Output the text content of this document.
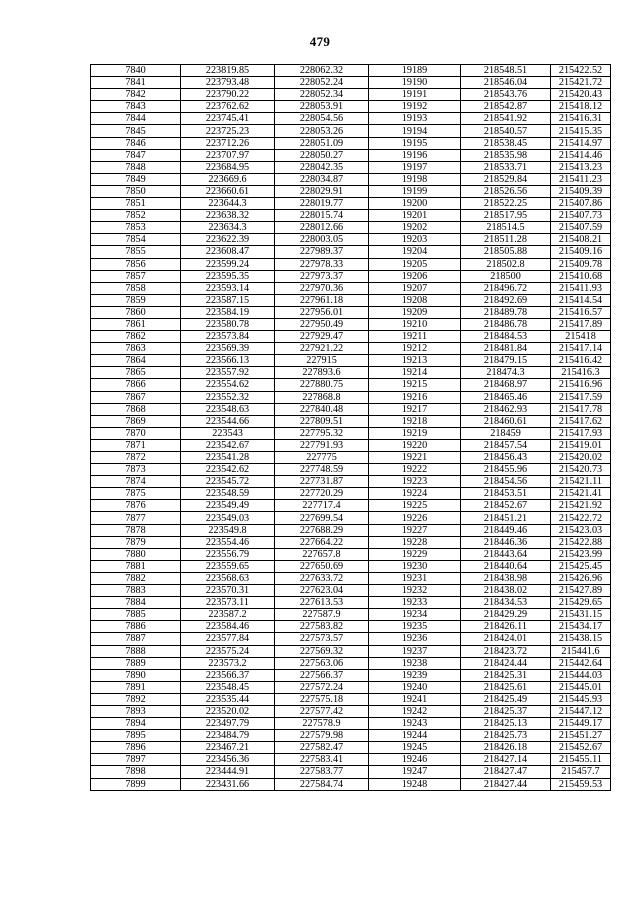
479
7840	223819.85	228062.32	19189	218548.51	215422.52
7841	223793.48	228052.24	19190	218546.04	215421.72
7842	223790.22	228052.34	19191	218543.76	215420.43
7843	223762.62	228053.91	19192	218542.87	215418.12
7844	223745.41	228054.56	19193	218541.92	215416.31
7845	223725.23	228053.26	19194	218540.57	215415.35
7846	223712.26	228051.09	19195	218538.45	215414.97
7847	223707.97	228050.27	19196	218535.98	215414.46
7848	223684.95	228042.35	19197	218533.71	215413.23
7849	223669.6	228034.87	19198	218529.84	215411.23
7850	223660.61	228029.91	19199	218526.56	215409.39
7851	223644.3	228019.77	19200	218522.25	215407.86
7852	223638.32	228015.74	19201	218517.95	215407.73
7853	223634.3	228012.66	19202	218514.5	215407.59
7854	223622.39	228003.05	19203	218511.28	215408.21
7855	223608.47	227989.37	19204	218505.88	215409.16
7856	223599.24	227978.33	19205	218502.8	215409.78
7857	223595.35	227973.37	19206	218500	215410.68
7858	223593.14	227970.36	19207	218496.72	215411.93
7859	223587.15	227961.18	19208	218492.69	215414.54
7860	223584.19	227956.01	19209	218489.78	215416.57
7861	223580.78	227950.49	19210	218486.78	215417.89
7862	223573.84	227929.47	19211	218484.53	215418
7863	223569.39	227921.22	19212	218481.84	215417.14
7864	223566.13	227915	19213	218479.15	215416.42
7865	223557.92	227893.6	19214	218474.3	215416.3
7866	223554.62	227880.75	19215	218468.97	215416.96
7867	223552.32	227868.8	19216	218465.46	215417.59
7868	223548.63	227840.48	19217	218462.93	215417.78
7869	223544.66	227809.51	19218	218460.61	215417.62
7870	223543	227795.32	19219	218459	215417.93
7871	223542.67	227791.93	19220	218457.54	215419.01
7872	223541.28	227775	19221	218456.43	215420.02
7873	223542.62	227748.59	19222	218455.96	215420.73
7874	223545.72	227731.87	19223	218454.56	215421.11
7875	223548.59	227720.29	19224	218453.51	215421.41
7876	223549.49	227717.4	19225	218452.67	215421.92
7877	223549.03	227699.54	19226	218451.21	215422.72
7878	223549.8	227688.29	19227	218449.46	215423.03
7879	223554.46	227664.22	19228	218446.36	215422.88
7880	223556.79	227657.8	19229	218443.64	215423.99
7881	223559.65	227650.69	19230	218440.64	215425.45
7882	223568.63	227633.72	19231	218438.98	215426.96
7883	223570.31	227623.04	19232	218438.02	215427.89
7884	223573.11	227613.53	19233	218434.53	215429.65
7885	223587.2	227587.9	19234	218429.29	215431.15
7886	223584.46	227583.82	19235	218426.11	215434.17
7887	223577.84	227573.57	19236	218424.01	215438.15
7888	223575.24	227569.32	19237	218423.72	215441.6
7889	223573.2	227563.06	19238	218424.44	215442.64
7890	223566.37	227566.37	19239	218425.31	215444.03
7891	223548.45	227572.24	19240	218425.61	215445.01
7892	223535.44	227575.18	19241	218425.49	215445.93
7893	223520.02	227577.42	19242	218425.37	215447.12
7894	223497.79	227578.9	19243	218425.13	215449.17
7895	223484.79	227579.98	19244	218425.73	215451.27
7896	223467.21	227582.47	19245	218426.18	215452.67
7897	223456.36	227583.41	19246	218427.14	215455.11
7898	223444.91	227583.77	19247	218427.47	215457.7
7899	223431.66	227584.74	19248	218427.44	215459.53
